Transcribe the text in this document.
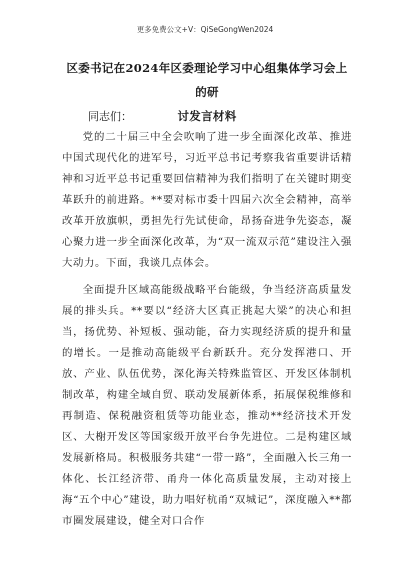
更多免费公文+V：QiSeGongWen2024
区委书记在2024年区委理论学习中心组集体学习会上的研
讨发言材料
同志们：

党的二十届三中全会吹响了进一步全面深化改革、推进中国式现代化的进军号，习近平总书记考察我省重要讲话精神和习近平总书记重要回信精神为我们指明了在关键时期变革跃升的前进路。**要对标市委十四届六次全会精神，高举改革开放旗帜，勇担先行先试使命，昂扬奋进争先姿态，凝心聚力进一步全面深化改革，为“双一流双示范”建设注入强大动力。下面，我谈几点体会。

全面提升区域高能级战略平台能级，争当经济高质量发展的排头兵。**要以“经济大区真正挑起大梁”的决心和担当，扬优势、补短板、强动能，奋力实现经济质的提升和量的增长。一是推动高能级平台新跃升。充分发挥港口、开放、产业、队伍优势，深化海关特殊监管区、开发区体制机制改革，构建全域自贸、联动发展新体系，拓展保税维修和再制造、保税融资租赁等功能业态，推动**经济技术开发区、大榭开发区等国家级开放平台争先进位。二是构建区域发展新格局。积极服务共建“一带一路”，全面融入长三角一体化、长江经济带、甬舟一体化高质量发展，主动对接上海“五个中心”建设，助力唱好杭甬“双城记”，深度融入**都市圈发展建设，健全对口合作
